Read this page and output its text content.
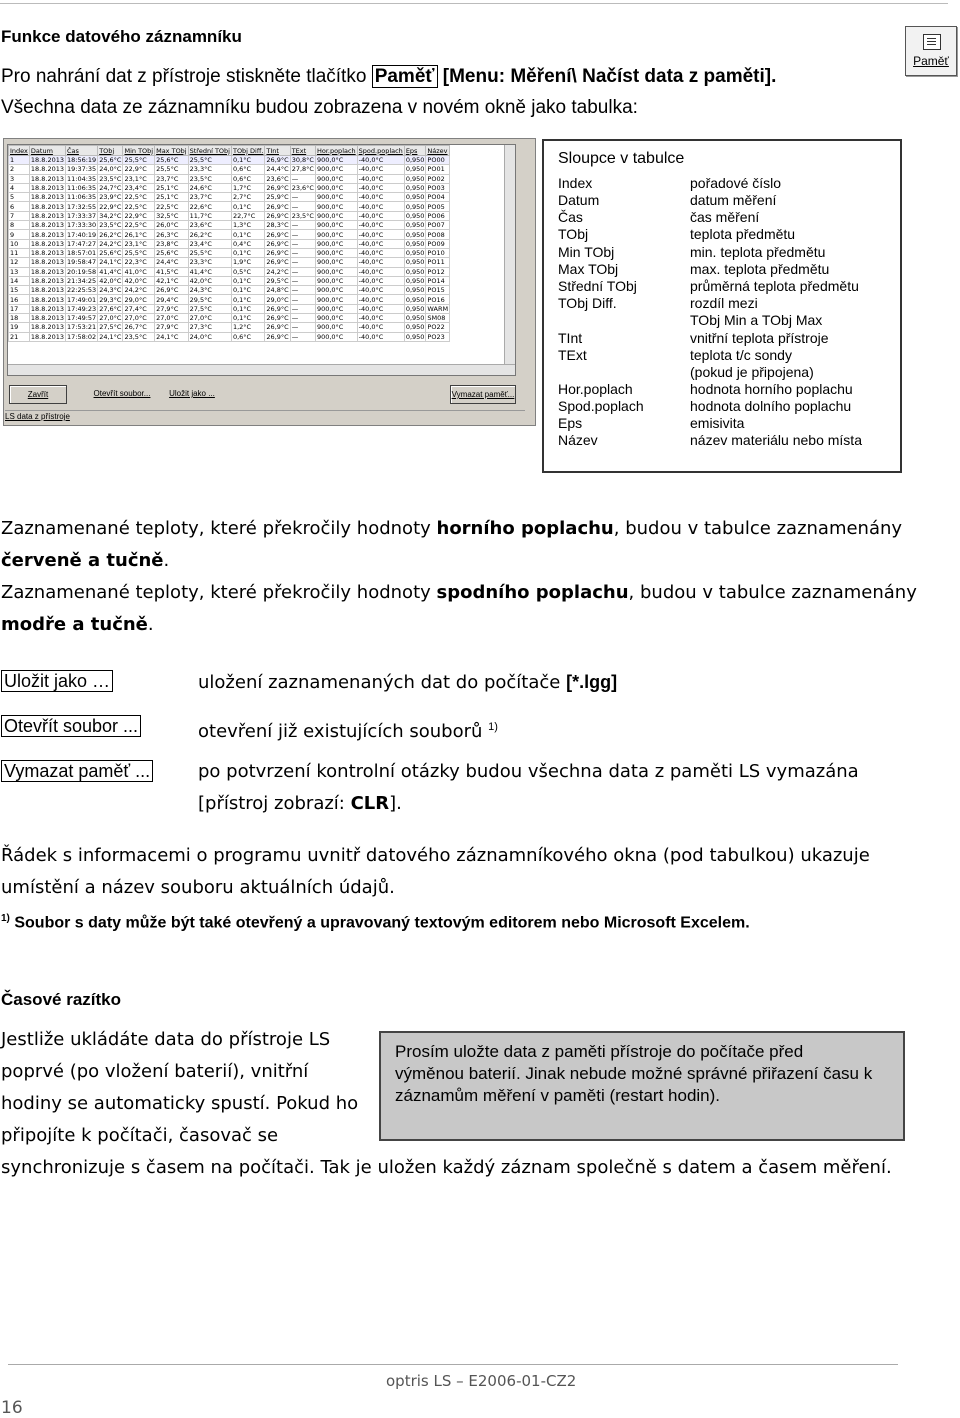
Funkce datového záznamníku
Pro nahrání dat z přístroje stiskněte tlačítko Paměť [Menu: Měření\ Načíst data z paměti].
Všechna data ze záznamníku budou zobrazena v novém okně jako tabulka:
Paměť
Index	Datum	Čas	TObj	Min TObj	Max TObj	Střední TObj	TObj Diff.	TInt	TExt	Hor.poplach	Spod.poplach	Eps	Název
1	18.8.2013	18:56:19	25,6°C	25,5°C	25,6°C	25,5°C	0,1°C	26,9°C	30,8°C	900,0°C	-40,0°C	0,950	PO00
2	18.8.2013	19:37:35	24,0°C	22,9°C	25,5°C	23,3°C	0,6°C	24,4°C	27,8°C	900,0°C	-40,0°C	0,950	PO01
3	18.8.2013	11:04:35	23,5°C	23,1°C	23,7°C	23,5°C	0,6°C	23,6°C	—	900,0°C	-40,0°C	0,950	PO02
4	18.8.2013	11:06:35	24,7°C	23,4°C	25,1°C	24,6°C	1,7°C	26,9°C	23,6°C	900,0°C	-40,0°C	0,950	PO03
5	18.8.2013	11:06:35	23,9°C	22,5°C	25,1°C	23,7°C	2,7°C	25,9°C	—	900,0°C	-40,0°C	0,950	PO04
6	18.8.2013	17:32:55	22,9°C	22,5°C	22,5°C	22,6°C	0,1°C	26,9°C	—	900,0°C	-40,0°C	0,950	PO05
7	18.8.2013	17:33:37	34,2°C	22,9°C	32,5°C	11,7°C	22,7°C	26,9°C	23,5°C	900,0°C	-40,0°C	0,950	PO06
8	18.8.2013	17:33:30	23,5°C	22,5°C	26,0°C	23,6°C	1,3°C	28,3°C	—	900,0°C	-40,0°C	0,950	PO07
9	18.8.2013	17:40:19	26,2°C	26,1°C	26,3°C	26,2°C	0,1°C	26,9°C	—	900,0°C	-40,0°C	0,950	PO08
10	18.8.2013	17:47:27	24,2°C	23,1°C	23,8°C	23,4°C	0,4°C	26,9°C	—	900,0°C	-40,0°C	0,950	PO09
11	18.8.2013	18:57:01	25,6°C	25,5°C	25,6°C	25,5°C	0,1°C	26,9°C	—	900,0°C	-40,0°C	0,950	PO10
12	18.8.2013	19:58:47	24,1°C	22,3°C	24,4°C	23,3°C	1,9°C	26,9°C	—	900,0°C	-40,0°C	0,950	PO11
13	18.8.2013	20:19:58	41,4°C	41,0°C	41,5°C	41,4°C	0,5°C	24,2°C	—	900,0°C	-40,0°C	0,950	PO12
14	18.8.2013	21:34:25	42,0°C	42,0°C	42,1°C	42,0°C	0,1°C	29,5°C	—	900,0°C	-40,0°C	0,950	PO14
15	18.8.2013	22:25:53	24,3°C	24,2°C	26,9°C	24,3°C	0,1°C	24,8°C	—	900,0°C	-40,0°C	0,950	PO15
16	18.8.2013	17:49:01	29,3°C	29,0°C	29,4°C	29,5°C	0,1°C	29,0°C	—	900,0°C	-40,0°C	0,950	PO16
17	18.8.2013	17:49:23	27,6°C	27,4°C	27,9°C	27,5°C	0,1°C	26,9°C	—	900,0°C	-40,0°C	0,950	WARM
18	18.8.2013	17:49:57	27,0°C	27,0°C	27,0°C	27,0°C	0,1°C	26,9°C	—	900,0°C	-40,0°C	0,950	SM08
19	18.8.2013	17:53:21	27,5°C	26,7°C	27,9°C	27,3°C	1,2°C	26,9°C	—	900,0°C	-40,0°C	0,950	PO22
21	18.8.2013	17:58:02	24,1°C	23,5°C	24,1°C	24,0°C	0,6°C	26,9°C	—	900,0°C	-40,0°C	0,950	PO23
Zavřít	Otevřít soubor...	Uložit jako ...	Vymazat paměť...
LS data z přístroje
Sloupce v tabulce
Index	pořadové číslo
Datum	datum měření
Čas	čas měření
TObj	teplota předmětu
Min TObj	min. teplota předmětu
Max TObj	max. teplota předmětu
Střední TObj	průměrná teplota předmětu
TObj Diff.	rozdíl mezi
TObj Min a TObj Max
TInt	vnitřní teplota přístroje
TExt	teplota t/c sondy
(pokud je připojena)
Hor.poplach	hodnota horního poplachu
Spod.poplach	hodnota dolního poplachu
Eps	emisivita
Název	název materiálu nebo místa
Zaznamenané teploty, které překročily hodnoty horního poplachu, budou v tabulce zaznamenány
červeně a tučně.
Zaznamenané teploty, které překročily hodnoty spodního poplachu, budou v tabulce zaznamenány
modře a tučně.
Uložit jako …	uložení zaznamenaných dat do počítače [*.lgg]
Otevřít soubor ...	otevření již existujících souborů $^{1)}$
Vymazat paměť ...	po potvrzení kontrolní otázky budou všechna data z paměti LS vymazána
[přístroj zobrazí: CLR].
Řádek s informacemi o programu uvnitř datového záznamníkového okna (pod tabulkou) ukazuje
umístění a název souboru aktuálních údajů.
$^{1)}$ Soubor s daty může být také otevřený a upravovaný textovým editorem nebo Microsoft Excelem.
Časové razítko
Jestliže ukládáte data do přístroje LS
poprvé (po vložení baterií), vnitřní
hodiny se automaticky spustí. Pokud ho
připojíte k počítači, časovač se
synchronizuje s časem na počítači. Tak je uložen každý záznam společně s datem a časem měření.
Prosím uložte data z paměti přístroje do počítače před výměnou baterií. Jinak nebude možné správné přiřazení času k záznamům měření v paměti (restart hodin).
optris LS – E2006-01-CZ2
16
